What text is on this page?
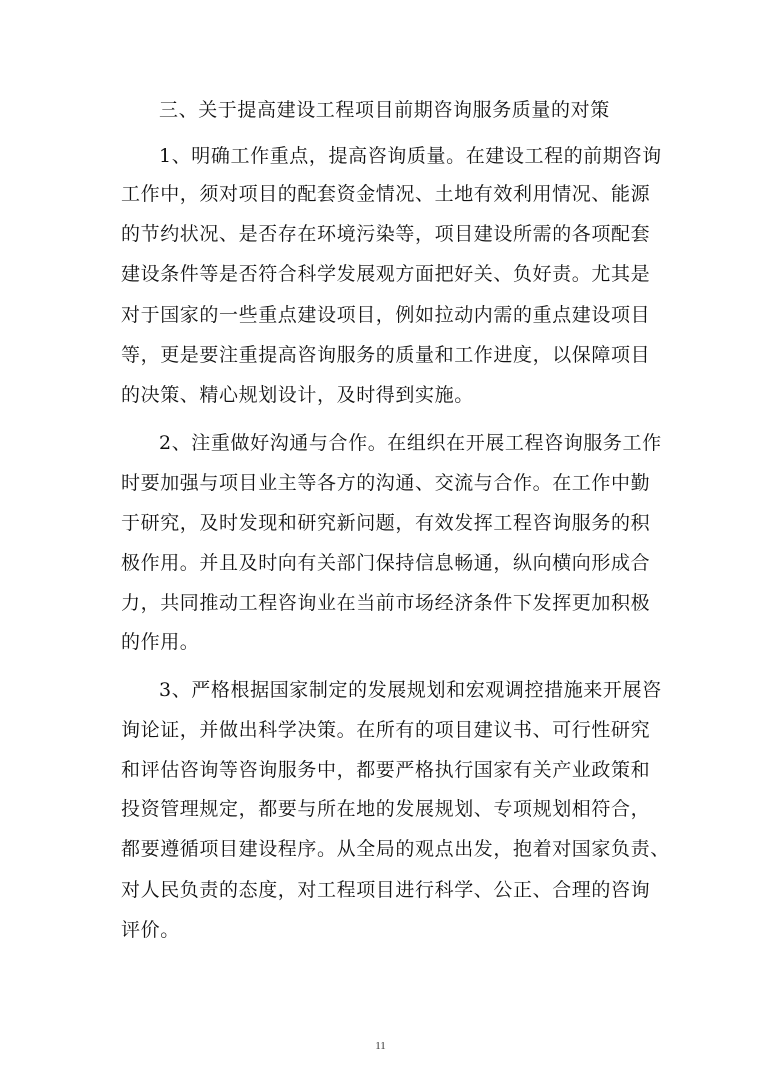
三、关于提高建设工程项目前期咨询服务质量的对策
1、明确工作重点，提高咨询质量。在建设工程的前期咨询
工作中，须对项目的配套资金情况、土地有效利用情况、能源
的节约状况、是否存在环境污染等，项目建设所需的各项配套
建设条件等是否符合科学发展观方面把好关、负好责。尤其是
对于国家的一些重点建设项目，例如拉动内需的重点建设项目
等，更是要注重提高咨询服务的质量和工作进度，以保障项目
的决策、精心规划设计，及时得到实施。
2、注重做好沟通与合作。在组织在开展工程咨询服务工作
时要加强与项目业主等各方的沟通、交流与合作。在工作中勤
于研究，及时发现和研究新问题，有效发挥工程咨询服务的积
极作用。并且及时向有关部门保持信息畅通，纵向横向形成合
力，共同推动工程咨询业在当前市场经济条件下发挥更加积极
的作用。
3、严格根据国家制定的发展规划和宏观调控措施来开展咨
询论证，并做出科学决策。在所有的项目建议书、可行性研究
和评估咨询等咨询服务中，都要严格执行国家有关产业政策和
投资管理规定，都要与所在地的发展规划、专项规划相符合，
都要遵循项目建设程序。从全局的观点出发，抱着对国家负责、
对人民负责的态度，对工程项目进行科学、公正、合理的咨询
评价。
11
